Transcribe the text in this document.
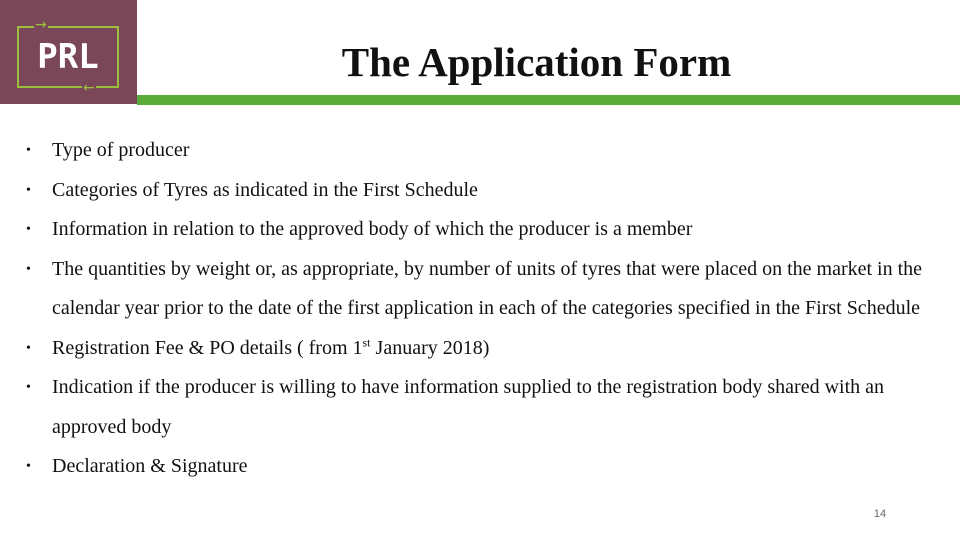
PRL
→
←
The Application Form
• Type of producer
• Categories of Tyres as indicated in the First Schedule
• Information in relation to the approved body of which the producer is a member
• The quantities by weight or, as appropriate, by number of units of tyres that were placed on the market in the calendar year prior to the date of the first application in each of the categories specified in the First Schedule
• Registration Fee & PO details ( from 1st January 2018)
• Indication if the producer is willing to have information supplied to the registration body shared with an approved body
• Declaration & Signature
14
